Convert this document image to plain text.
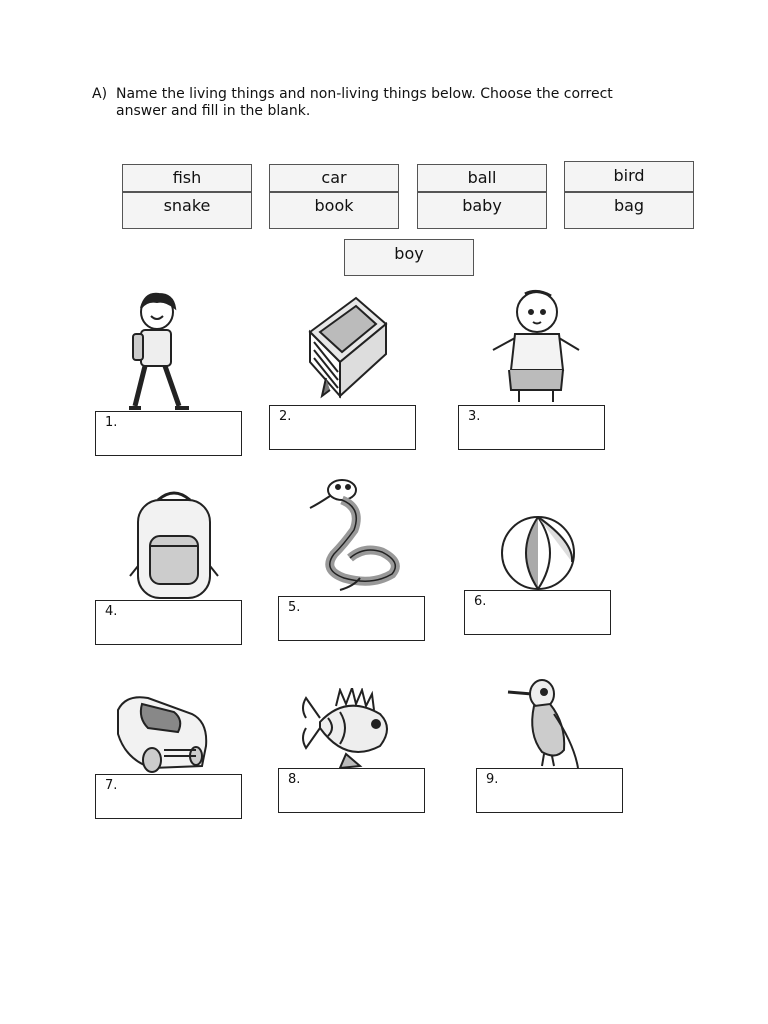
A) Name the living things and non-living things below. Choose the correct
answer and fill in the blank.
fish	car	ball	bird
snake	book	baby	bag
boy
1.	2.	3.
4.	5.	6.
7.	8.	9.
